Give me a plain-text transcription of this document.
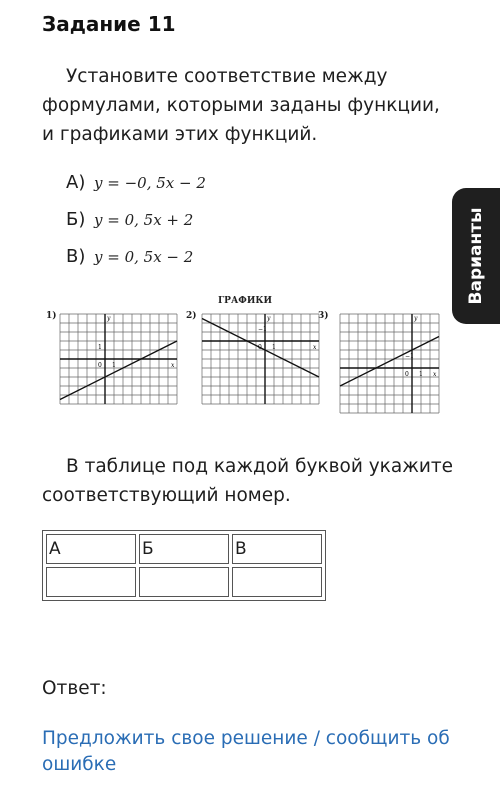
Задание 11
Установите соответствие между формулами, которыми заданы функции, и графиками этих функций.
А) y = −0, 5x − 2
Б) y = 0, 5x + 2
В) y = 0, 5x − 2	Варианты
ГРАФИКИ
1)	2)	3)
0 1
1
x
y
0 1
−1
x
y
0 1
−1
x
y
В таблице под каждой буквой укажите соответствующий номер.
А	Б	В

Ответ:
Предложить свое решение / сообщить об ошибке
